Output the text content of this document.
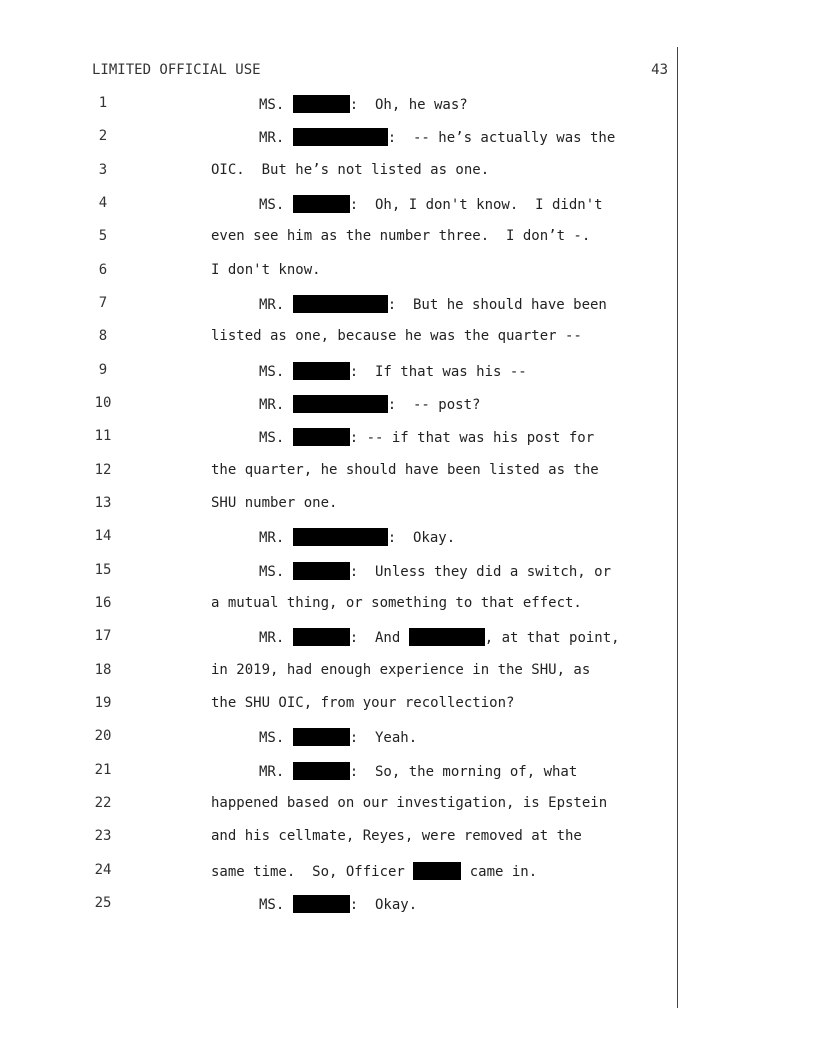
LIMITED OFFICIAL USE	43
1	MS.	:  Oh, he was?
2	MR.	:  -- he’s actually was the
3	OIC.  But he’s not listed as one.
4	MS.	:  Oh, I don't know.  I didn't
5	even see him as the number three.  I don’t -.
6	I don't know.
7	MR.	:  But he should have been
8	listed as one, because he was the quarter --
9	MS.	:  If that was his --
10	MR.	:  -- post?
11	MS.	: -- if that was his post for
12	the quarter, he should have been listed as the
13	SHU number one.
14	MR.	:  Okay.
15	MS.	:  Unless they did a switch, or
16	a mutual thing, or something to that effect.
17	MR.	:  And	, at that point,
18	in 2019, had enough experience in the SHU, as
19	the SHU OIC, from your recollection?
20	MS.	:  Yeah.
21	MR.	:  So, the morning of, what
22	happened based on our investigation, is Epstein
23	and his cellmate, Reyes, were removed at the
24	same time.  So, Officer	came in.
25	MS.	:  Okay.
